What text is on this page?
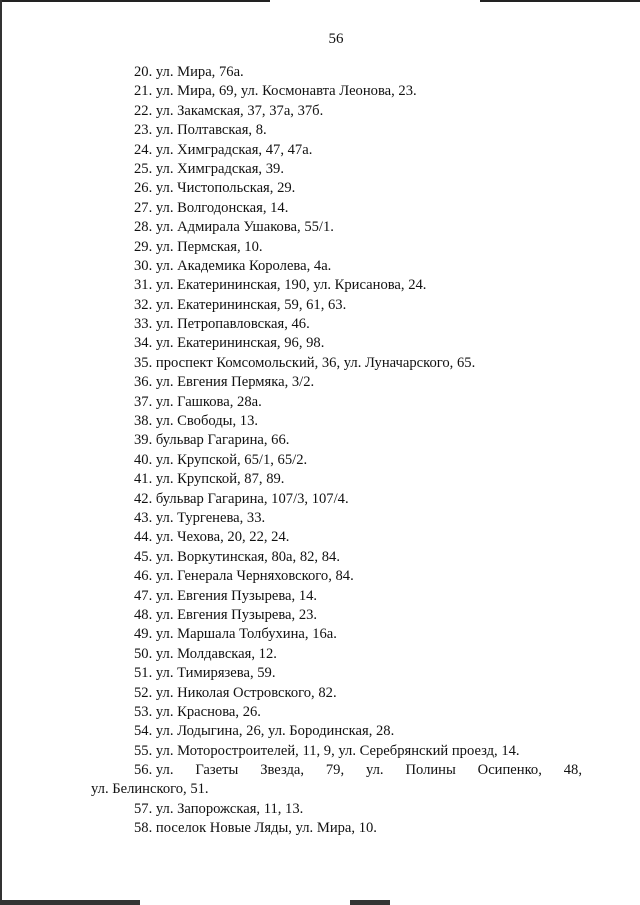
56
20. ул. Мира, 76а.
21. ул. Мира, 69, ул. Космонавта Леонова, 23.
22. ул. Закамская, 37, 37а, 37б.
23. ул. Полтавская, 8.
24. ул. Химградская, 47, 47а.
25. ул. Химградская, 39.
26. ул. Чистопольская, 29.
27. ул. Волгодонская, 14.
28. ул. Адмирала Ушакова, 55/1.
29. ул. Пермская, 10.
30. ул. Академика Королева, 4а.
31. ул. Екатерининская, 190, ул. Крисанова, 24.
32. ул. Екатерининская, 59, 61, 63.
33. ул. Петропавловская, 46.
34. ул. Екатерининская, 96, 98.
35. проспект Комсомольский, 36, ул. Луначарского, 65.
36. ул. Евгения Пермяка, 3/2.
37. ул. Гашкова, 28а.
38. ул. Свободы, 13.
39. бульвар Гагарина, 66.
40. ул. Крупской, 65/1, 65/2.
41. ул. Крупской, 87, 89.
42. бульвар Гагарина, 107/3, 107/4.
43. ул. Тургенева, 33.
44. ул. Чехова, 20, 22, 24.
45. ул. Воркутинская, 80а, 82, 84.
46. ул. Генерала Черняховского, 84.
47. ул. Евгения Пузырева, 14.
48. ул. Евгения Пузырева, 23.
49. ул. Маршала Толбухина, 16а.
50. ул. Молдавская, 12.
51. ул. Тимирязева, 59.
52. ул. Николая Островского, 82.
53. ул. Краснова, 26.
54. ул. Лодыгина, 26, ул. Бородинская, 28.
55. ул. Моторостроителей, 11, 9, ул. Серебрянский проезд, 14.
56. ул. Газеты Звезда, 79, ул. Полины Осипенко, 48,
ул. Белинского, 51.
57. ул. Запорожская, 11, 13.
58. поселок Новые Ляды, ул. Мира, 10.
